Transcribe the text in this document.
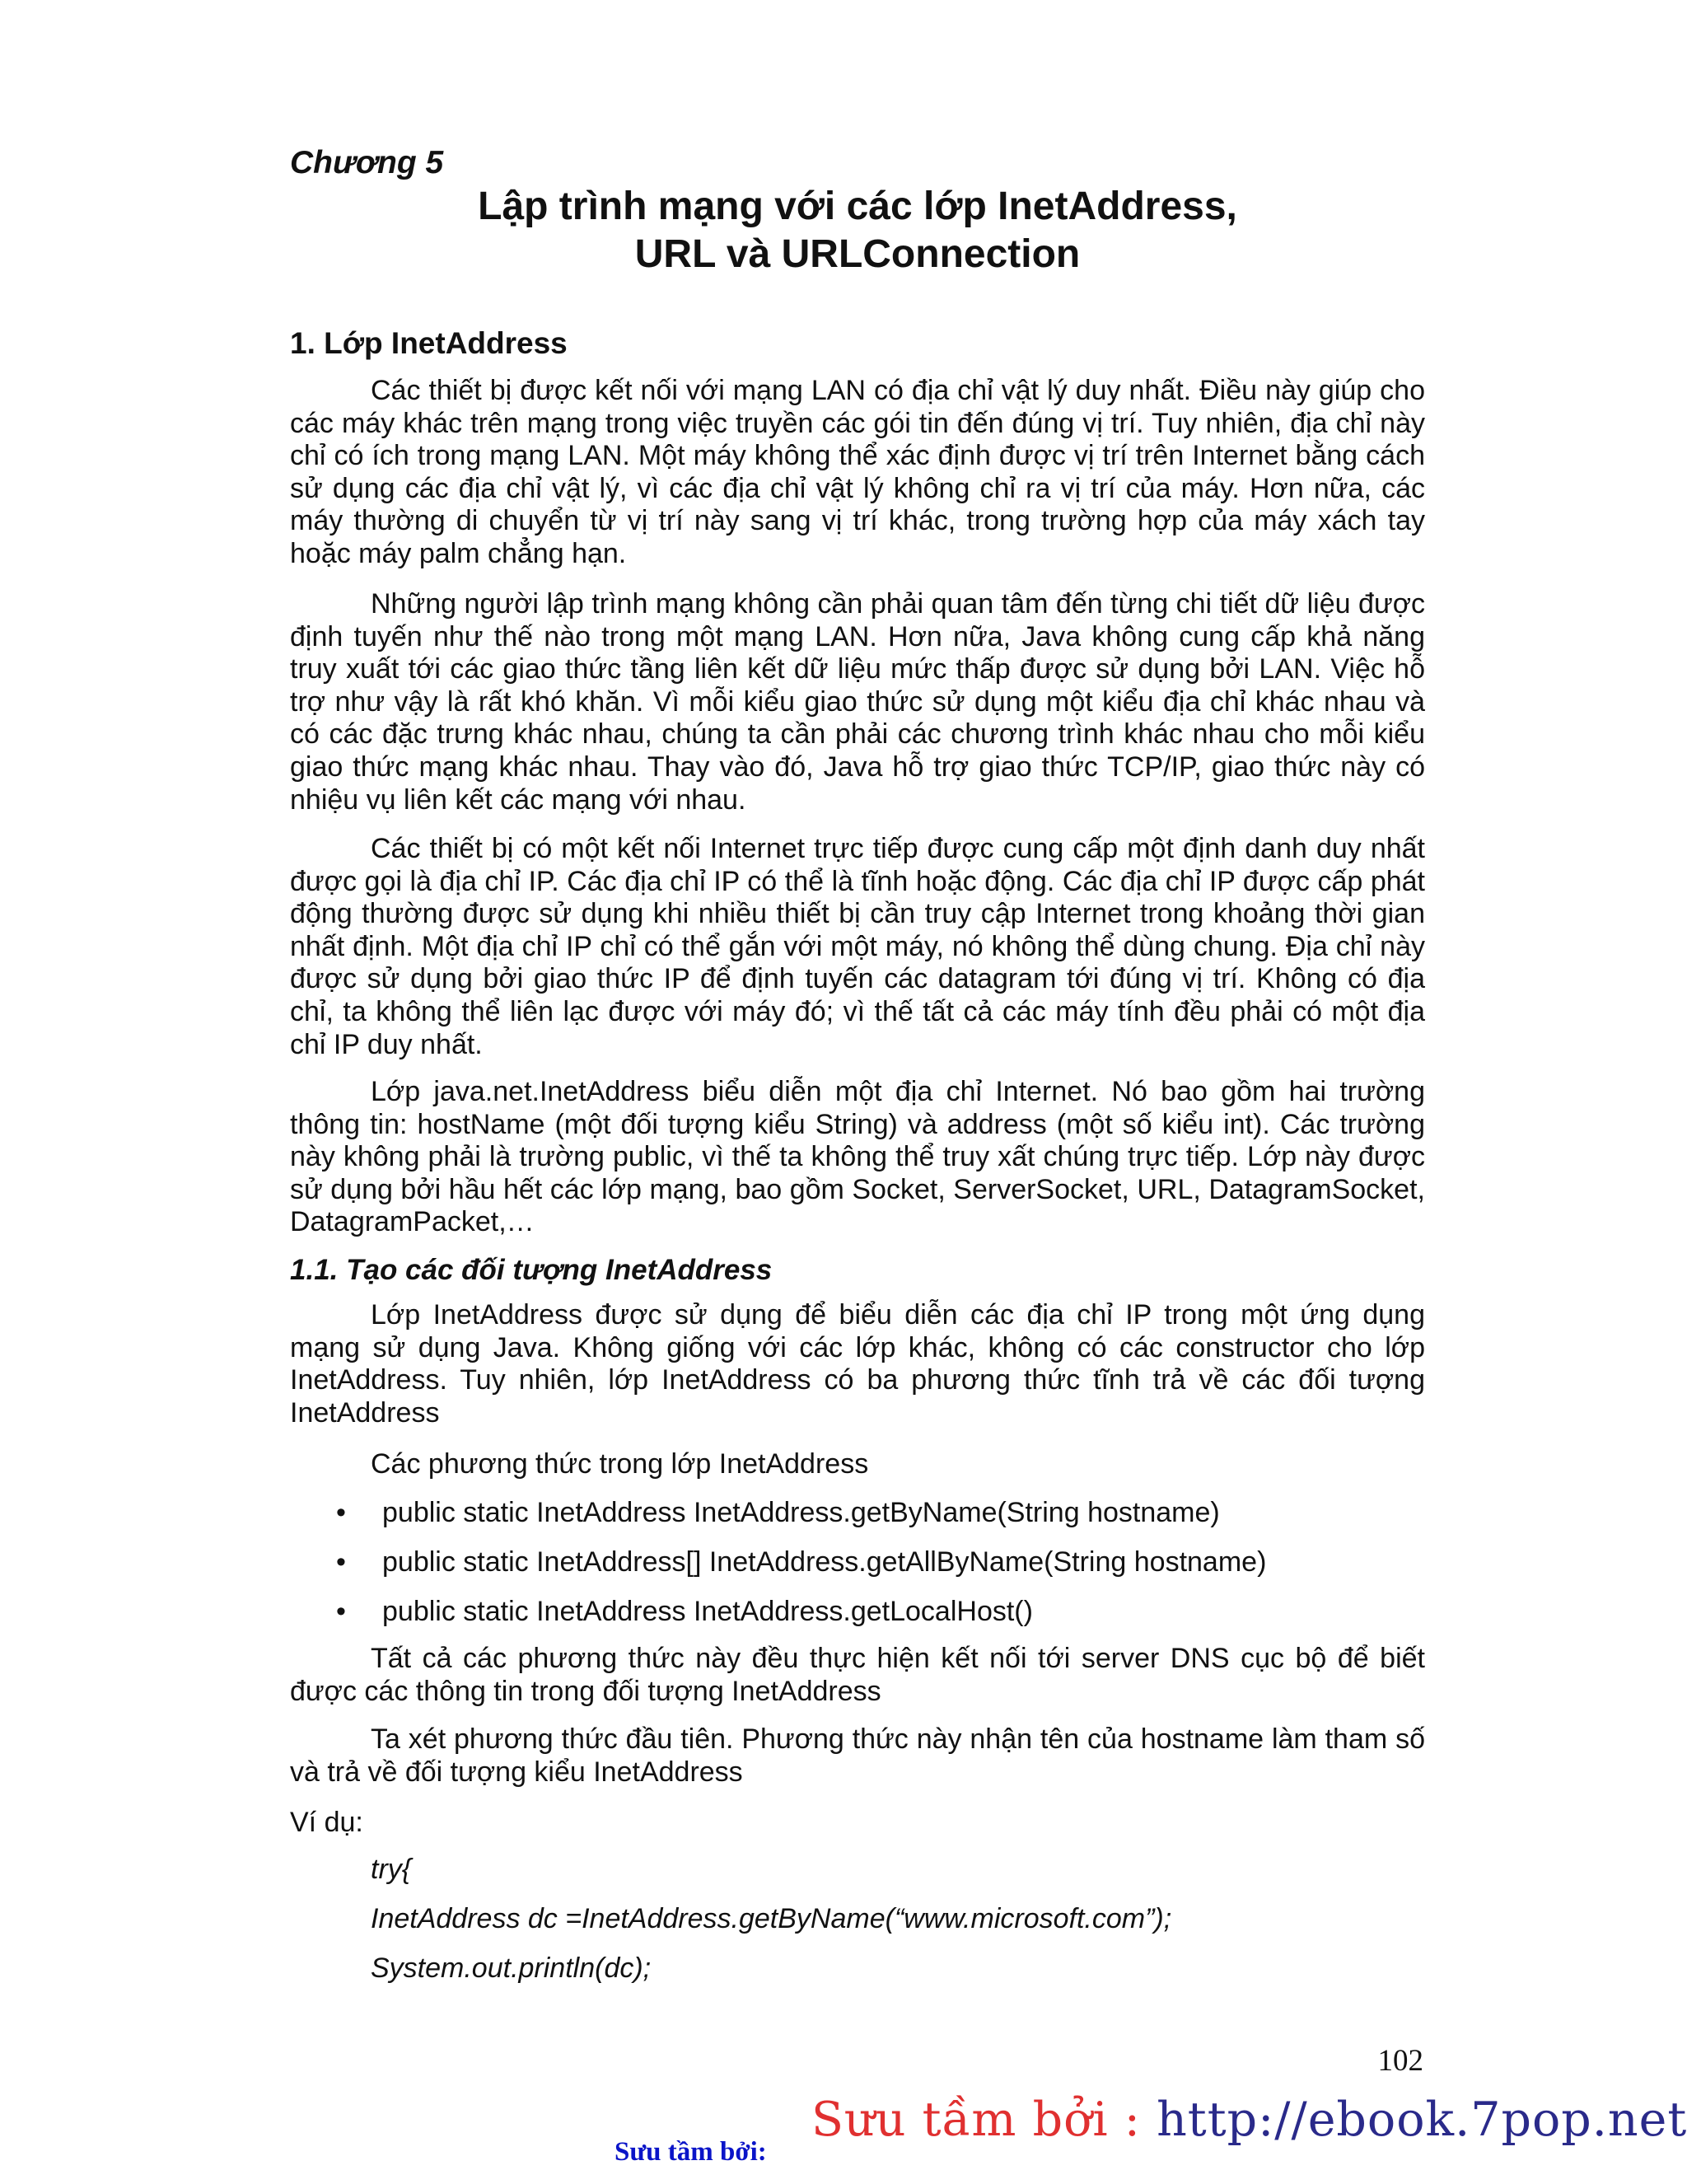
Chương 5
Lập trình mạng với các lớp InetAddress,
URL và URLConnection
1. Lớp InetAddress

Các thiết bị được kết nối với mạng LAN có địa chỉ vật lý duy nhất. Điều này giúp cho các máy khác trên mạng trong việc truyền các gói tin đến đúng vị trí. Tuy nhiên, địa chỉ này chỉ có ích trong mạng LAN. Một máy không thể xác định được vị trí trên Internet bằng cách sử dụng các địa chỉ vật lý, vì các địa chỉ vật lý không chỉ ra vị trí của máy. Hơn nữa, các máy thường di chuyển từ vị trí này sang vị trí khác, trong trường hợp của máy xách tay hoặc máy palm chẳng hạn.

Những người lập trình mạng không cần phải quan tâm đến từng chi tiết dữ liệu được định tuyến như thế nào trong một mạng LAN. Hơn nữa, Java không cung cấp khả năng truy xuất tới các giao thức tầng liên kết dữ liệu mức thấp được sử dụng bởi LAN. Việc hỗ trợ như vậy là rất khó khăn. Vì mỗi kiểu giao thức sử dụng một kiểu địa chỉ khác nhau và có các đặc trưng khác nhau, chúng ta cần phải các chương trình khác nhau cho mỗi kiểu giao thức mạng khác nhau. Thay vào đó, Java hỗ trợ giao thức TCP/IP, giao thức này có nhiệu vụ liên kết các mạng với nhau.

Các thiết bị có một kết nối Internet trực tiếp được cung cấp một định danh duy nhất được gọi là địa chỉ IP. Các địa chỉ IP có thể là tĩnh hoặc động. Các địa chỉ IP được cấp phát động thường được sử dụng khi nhiều thiết bị cần truy cập Internet trong khoảng thời gian nhất định. Một địa chỉ IP chỉ có thể gắn với một máy, nó không thể dùng chung. Địa chỉ này được sử dụng bởi giao thức IP để định tuyến các datagram tới đúng vị trí. Không có địa chỉ, ta không thể liên lạc được với máy đó; vì thế tất cả các máy tính đều phải có một địa chỉ IP duy nhất.

Lớp java.net.InetAddress biểu diễn một địa chỉ Internet. Nó bao gồm hai trường thông tin: hostName (một đối tượng kiểu String) và address (một số kiểu int). Các trường này không phải là trường public, vì thế ta không thể truy xất chúng trực tiếp. Lớp này được sử dụng bởi hầu hết các lớp mạng, bao gồm Socket, ServerSocket, URL, DatagramSocket, DatagramPacket,…

1.1. Tạo các đối tượng InetAddress

Lớp InetAddress được sử dụng để biểu diễn các địa chỉ IP trong một ứng dụng mạng sử dụng Java. Không giống với các lớp khác, không có các constructor cho lớp InetAddress. Tuy nhiên, lớp InetAddress có ba phương thức tĩnh trả về các đối tượng InetAddress

Các phương thức trong lớp InetAddress

• public static InetAddress InetAddress.getByName(String hostname)
• public static InetAddress[] InetAddress.getAllByName(String hostname)
• public static InetAddress InetAddress.getLocalHost()

Tất cả các phương thức này đều thực hiện kết nối tới server DNS cục bộ để biết được các thông tin trong đối tượng InetAddress

Ta xét phương thức đầu tiên. Phương thức này nhận tên của hostname làm tham số và trả về đối tượng kiểu InetAddress

Ví dụ:

try{
InetAddress dc =InetAddress.getByName(“www.microsoft.com”);
System.out.println(dc);
102
Sưu tầm bởi:
Sưu tầm bởi : http://ebook.7pop.net
